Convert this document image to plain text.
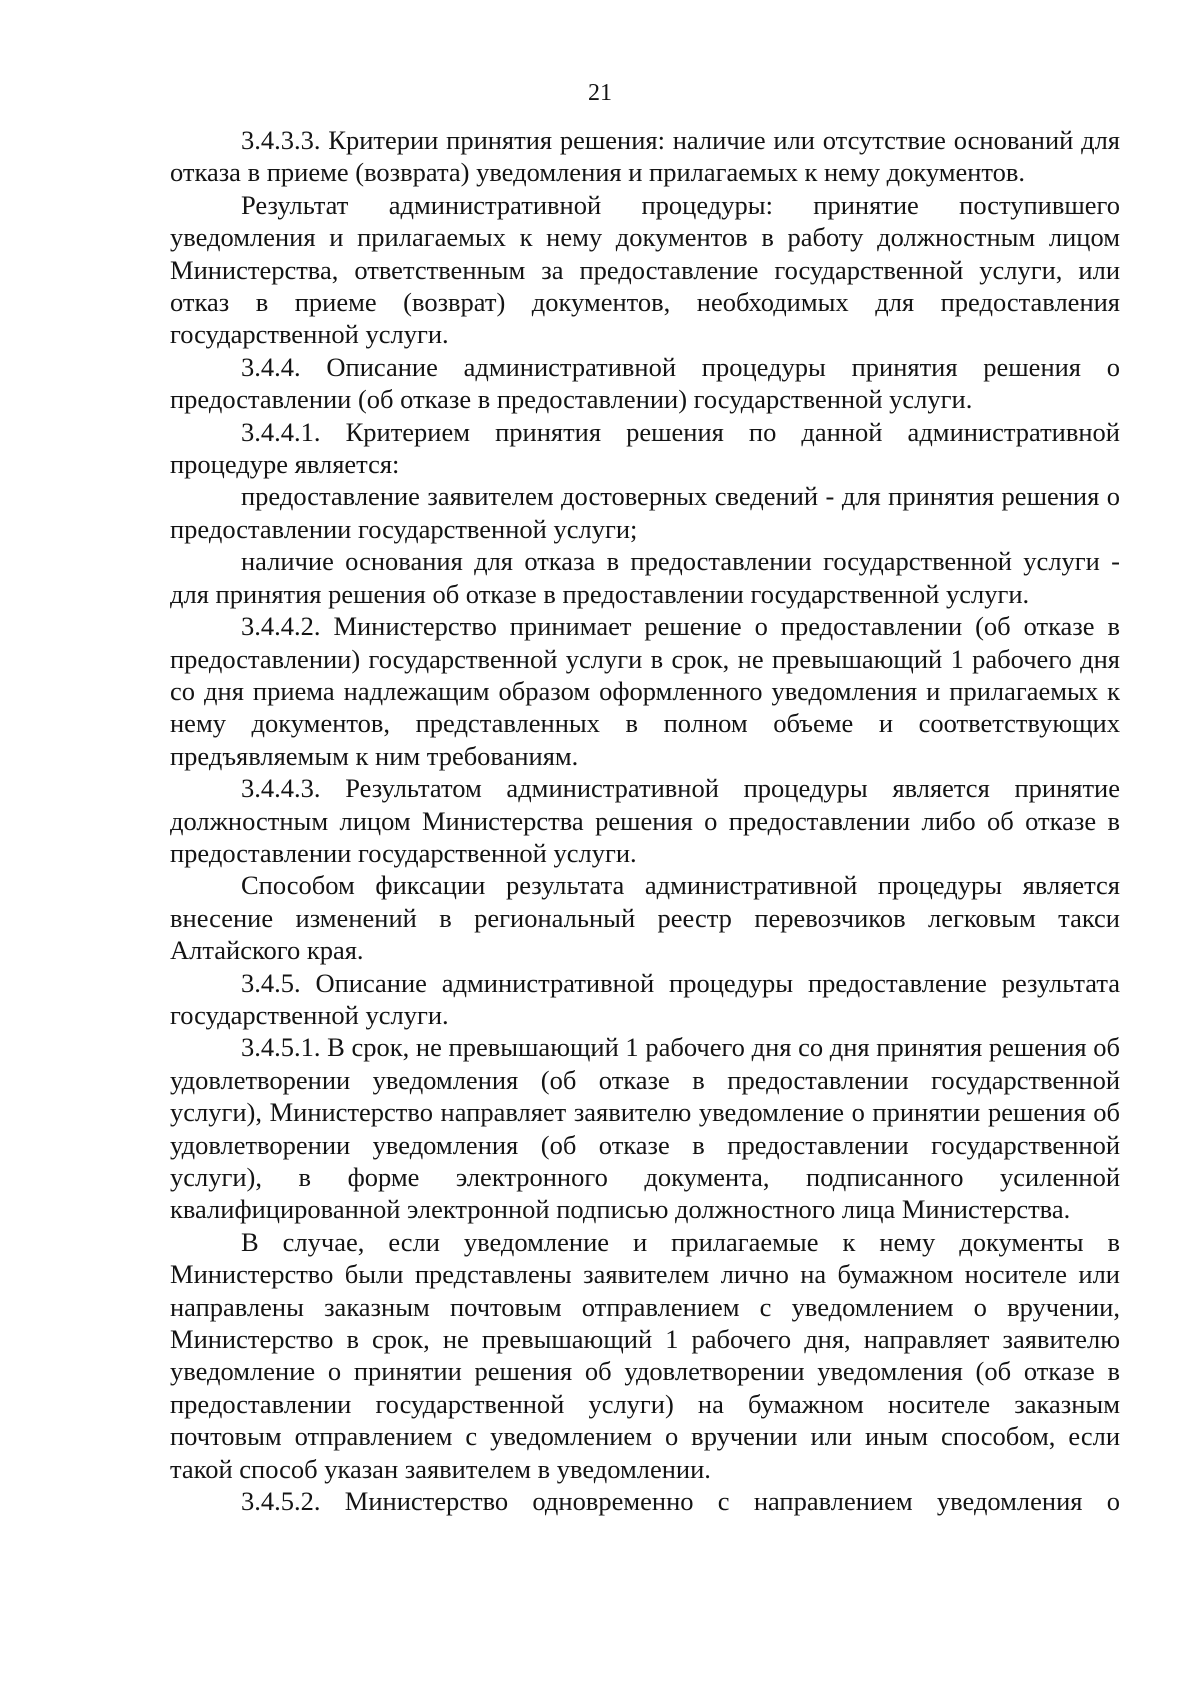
21

3.4.3.3. Критерии принятия решения: наличие или отсутствие оснований для отказа в приеме (возврата) уведомления и прилагаемых к нему документов.

Результат административной процедуры: принятие поступившего уведомления и прилагаемых к нему документов в работу должностным лицом Министерства, ответственным за предоставление государственной услуги, или отказ в приеме (возврат) документов, необходимых для предоставления государственной услуги.

3.4.4. Описание административной процедуры принятия решения о предоставлении (об отказе в предоставлении) государственной услуги.

3.4.4.1. Критерием принятия решения по данной административной процедуре является:

предоставление заявителем достоверных сведений - для принятия решения о предоставлении государственной услуги;

наличие основания для отказа в предоставлении государственной услуги - для принятия решения об отказе в предоставлении государственной услуги.

3.4.4.2. Министерство принимает решение о предоставлении (об отказе в предоставлении) государственной услуги в срок, не превышающий 1 рабочего дня со дня приема надлежащим образом оформленного уведомления и прилагаемых к нему документов, представленных в полном объеме и соответствующих предъявляемым к ним требованиям.

3.4.4.3. Результатом административной процедуры является принятие должностным лицом Министерства решения о предоставлении либо об отказе в предоставлении государственной услуги.

Способом фиксации результата административной процедуры является внесение изменений в региональный реестр перевозчиков легковым такси Алтайского края.

3.4.5. Описание административной процедуры предоставление результата государственной услуги.

3.4.5.1. В срок, не превышающий 1 рабочего дня со дня принятия решения об удовлетворении уведомления (об отказе в предоставлении государственной услуги), Министерство направляет заявителю уведомление о принятии решения об удовлетворении уведомления (об отказе в предоставлении государственной услуги), в форме электронного документа, подписанного усиленной квалифицированной электронной подписью должностного лица Министерства.

В случае, если уведомление и прилагаемые к нему документы в Министерство были представлены заявителем лично на бумажном носителе или направлены заказным почтовым отправлением с уведомлением о вручении, Министерство в срок, не превышающий 1 рабочего дня, направляет заявителю уведомление о принятии решения об удовлетворении уведомления (об отказе в предоставлении государственной услуги) на бумажном носителе заказным почтовым отправлением с уведомлением о вручении или иным способом, если такой способ указан заявителем в уведомлении.

3.4.5.2. Министерство одновременно с направлением уведомления о
